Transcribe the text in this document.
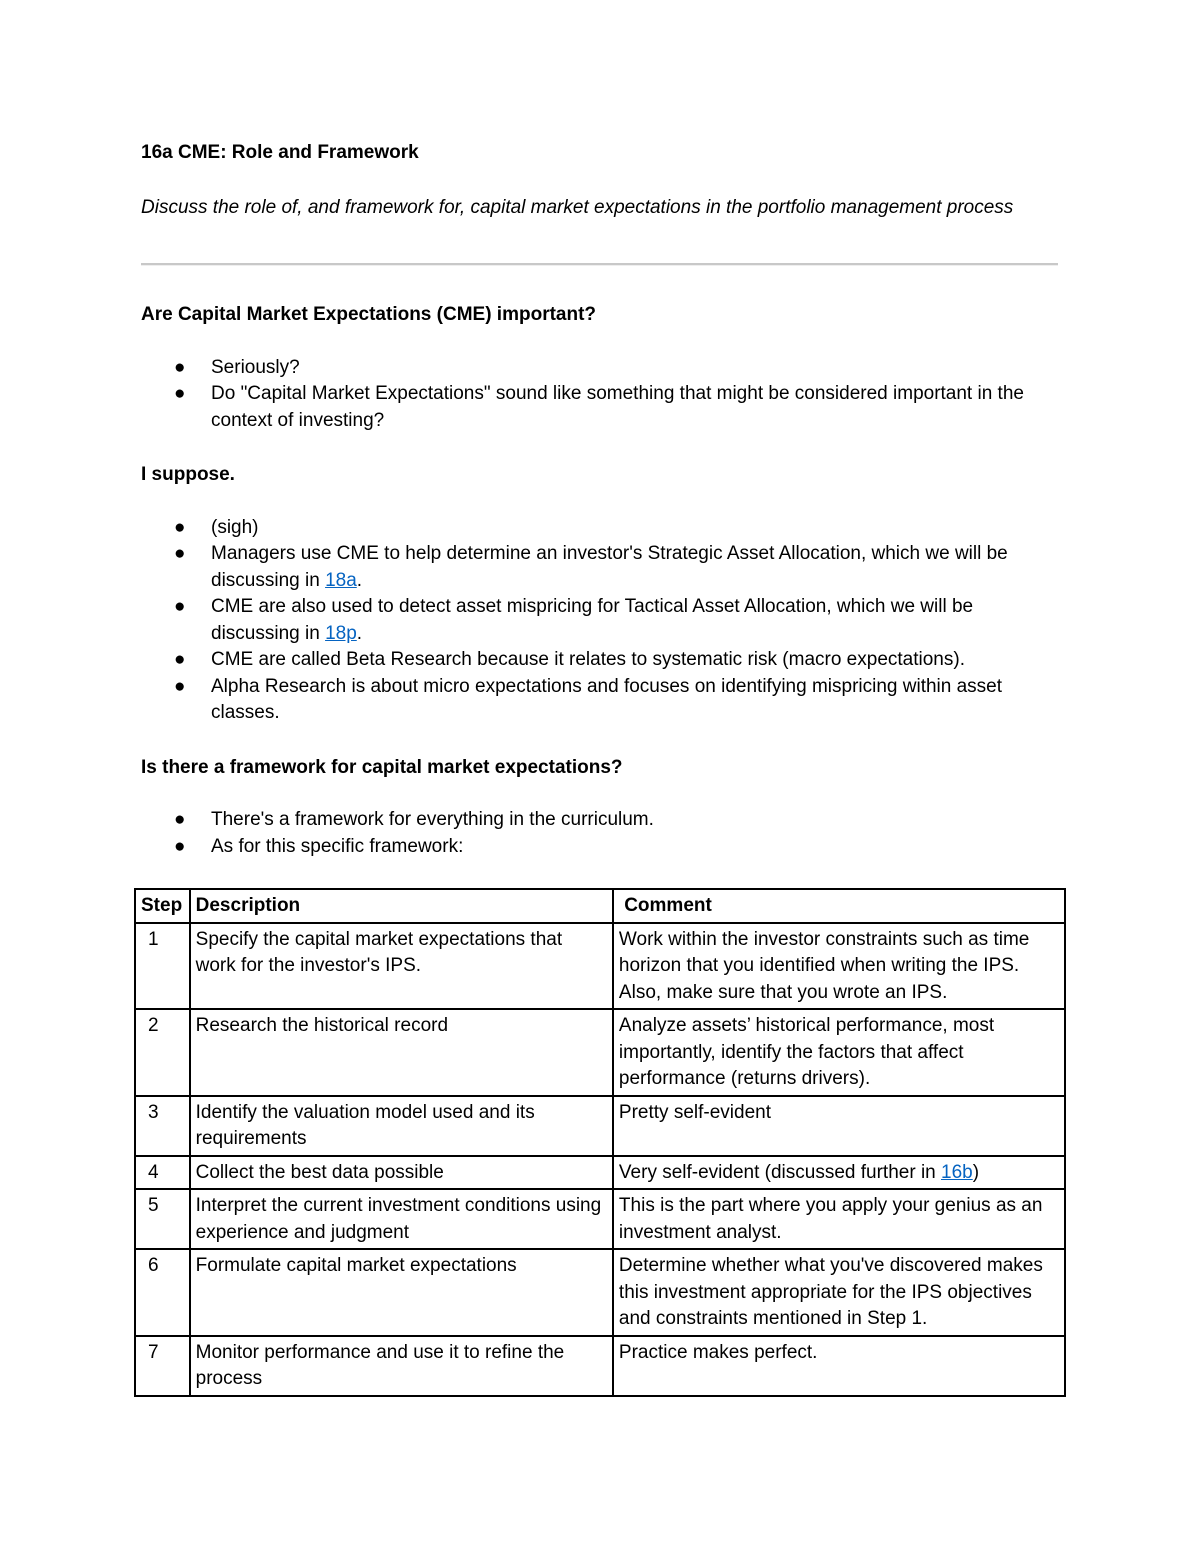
16a CME: Role and Framework

Discuss the role of, and framework for, capital market expectations in the portfolio management process

Are Capital Market Expectations (CME) important?

● Seriously?
● Do "Capital Market Expectations" sound like something that might be considered important in the context of investing?

I suppose.

● (sigh)
● Managers use CME to help determine an investor's Strategic Asset Allocation, which we will be discussing in 18a.
● CME are also used to detect asset mispricing for Tactical Asset Allocation, which we will be discussing in 18p.
● CME are called Beta Research because it relates to systematic risk (macro expectations).
● Alpha Research is about micro expectations and focuses on identifying mispricing within asset classes.

Is there a framework for capital market expectations?

● There's a framework for everything in the curriculum.
● As for this specific framework:
Step	Description	Comment
1	Specify the capital market expectations that work for the investor's IPS.	Work within the investor constraints such as time horizon that you identified when writing the IPS. Also, make sure that you wrote an IPS.
2	Research the historical record	Analyze assets’ historical performance, most importantly, identify the factors that affect performance (returns drivers).
3	Identify the valuation model used and its requirements	Pretty self-evident
4	Collect the best data possible	Very self-evident (discussed further in 16b)
5	Interpret the current investment conditions using experience and judgment	This is the part where you apply your genius as an investment analyst.
6	Formulate capital market expectations	Determine whether what you've discovered makes this investment appropriate for the IPS objectives and constraints mentioned in Step 1.
7	Monitor performance and use it to refine the process	Practice makes perfect.
